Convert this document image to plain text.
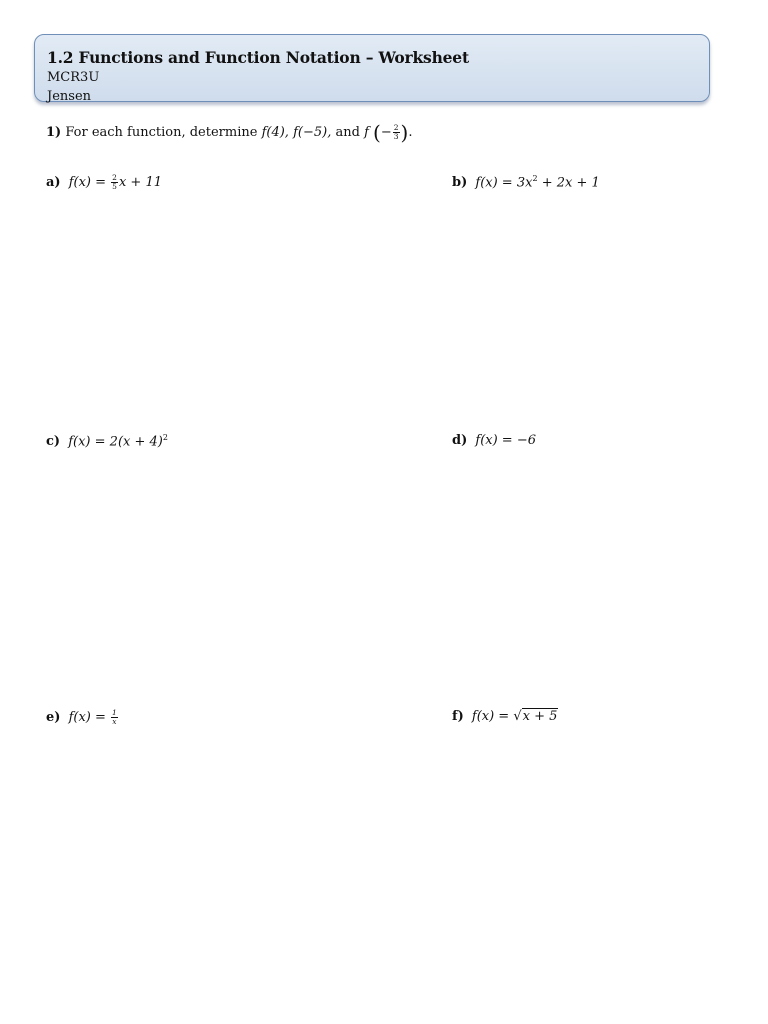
1.2 Functions and Function Notation – Worksheet
MCR3U
Jensen
1) For each function, determine f(4), f(−5), and f (− $\frac{2}{3}$ ).
a) $f(x) = \frac{2}{5}$ x + 11	b) $f(x) = 3x^2 + 2x + 1$
c) $f(x) = 2(x + 4)^2$	d) f(x) = −6
e) $f(x) = \frac{1}{x}$	f) f(x) = √x + 5
